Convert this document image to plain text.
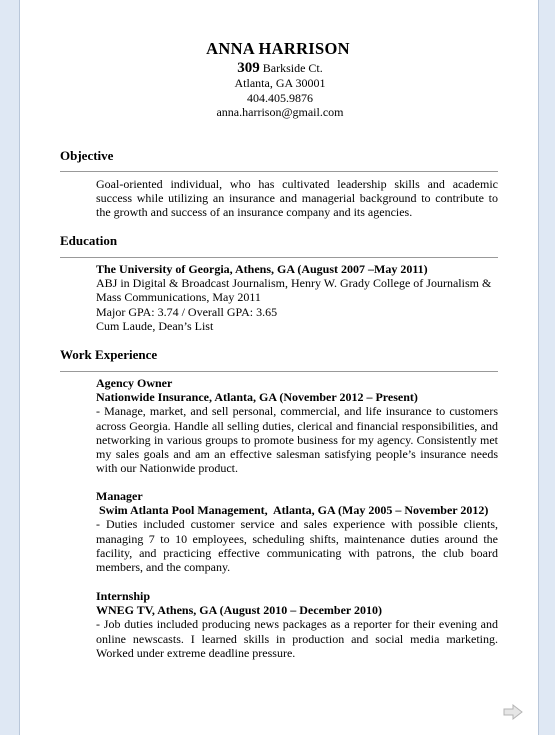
ANNA HARRISON
309 Barkside Ct.
Atlanta, GA 30001
404.405.9876
anna.harrison@gmail.com
Objective
Goal-oriented individual, who has cultivated leadership skills and academic success while utilizing an insurance and managerial background to contribute to the growth and success of an insurance company and its agencies.
Education
The University of Georgia, Athens, GA (August 2007 –May 2011)
ABJ in Digital & Broadcast Journalism, Henry W. Grady College of Journalism & Mass Communications, May 2011
Major GPA: 3.74 / Overall GPA: 3.65
Cum Laude, Dean’s List
Work Experience
Agency Owner
Nationwide Insurance, Atlanta, GA (November 2012 – Present)
- Manage, market, and sell personal, commercial, and life insurance to customers across Georgia. Handle all selling duties, clerical and financial responsibilities, and networking in various groups to promote business for my agency. Consistently met my sales goals and am an effective salesman satisfying people’s insurance needs with our Nationwide product.
Manager
Swim Atlanta Pool Management,  Atlanta, GA (May 2005 – November 2012)
- Duties included customer service and sales experience with possible clients, managing 7 to 10 employees, scheduling shifts, maintenance duties around the facility, and practicing effective communicating with patrons, the club board members, and the company.
Internship
WNEG TV, Athens, GA (August 2010 – December 2010)
- Job duties included producing news packages as a reporter for their evening and online newscasts. I learned skills in production and social media marketing. Worked under extreme deadline pressure.
